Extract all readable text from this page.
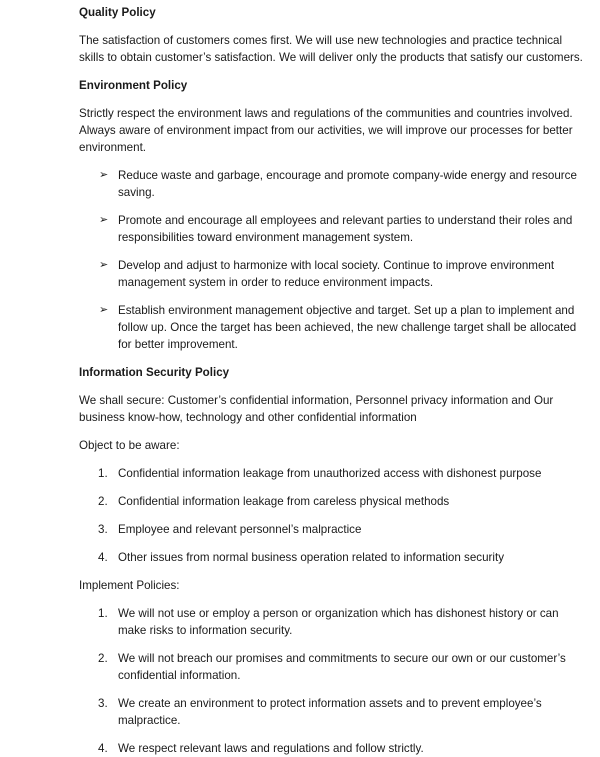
Quality Policy

The satisfaction of customers comes first. We will use new technologies and practice technical skills to obtain customer’s satisfaction. We will deliver only the products that satisfy our customers.

Environment Policy

Strictly respect the environment laws and regulations of the communities and countries involved. Always aware of environment impact from our activities, we will improve our processes for better environment.

➢ Reduce waste and garbage, encourage and promote company-wide energy and resource saving.
➢ Promote and encourage all employees and relevant parties to understand their roles and responsibilities toward environment management system.
➢ Develop and adjust to harmonize with local society. Continue to improve environment management system in order to reduce environment impacts.
➢ Establish environment management objective and target. Set up a plan to implement and follow up. Once the target has been achieved, the new challenge target shall be allocated for better improvement.

Information Security Policy

We shall secure: Customer’s confidential information, Personnel privacy information and Our business know-how, technology and other confidential information

Object to be aware:

1. Confidential information leakage from unauthorized access with dishonest purpose
2. Confidential information leakage from careless physical methods
3. Employee and relevant personnel’s malpractice
4. Other issues from normal business operation related to information security

Implement Policies:

1. We will not use or employ a person or organization which has dishonest history or can make risks to information security.
2. We will not breach our promises and commitments to secure our own or our customer’s confidential information.
3. We create an environment to protect information assets and to prevent employee’s malpractice.
4. We respect relevant laws and regulations and follow strictly.
